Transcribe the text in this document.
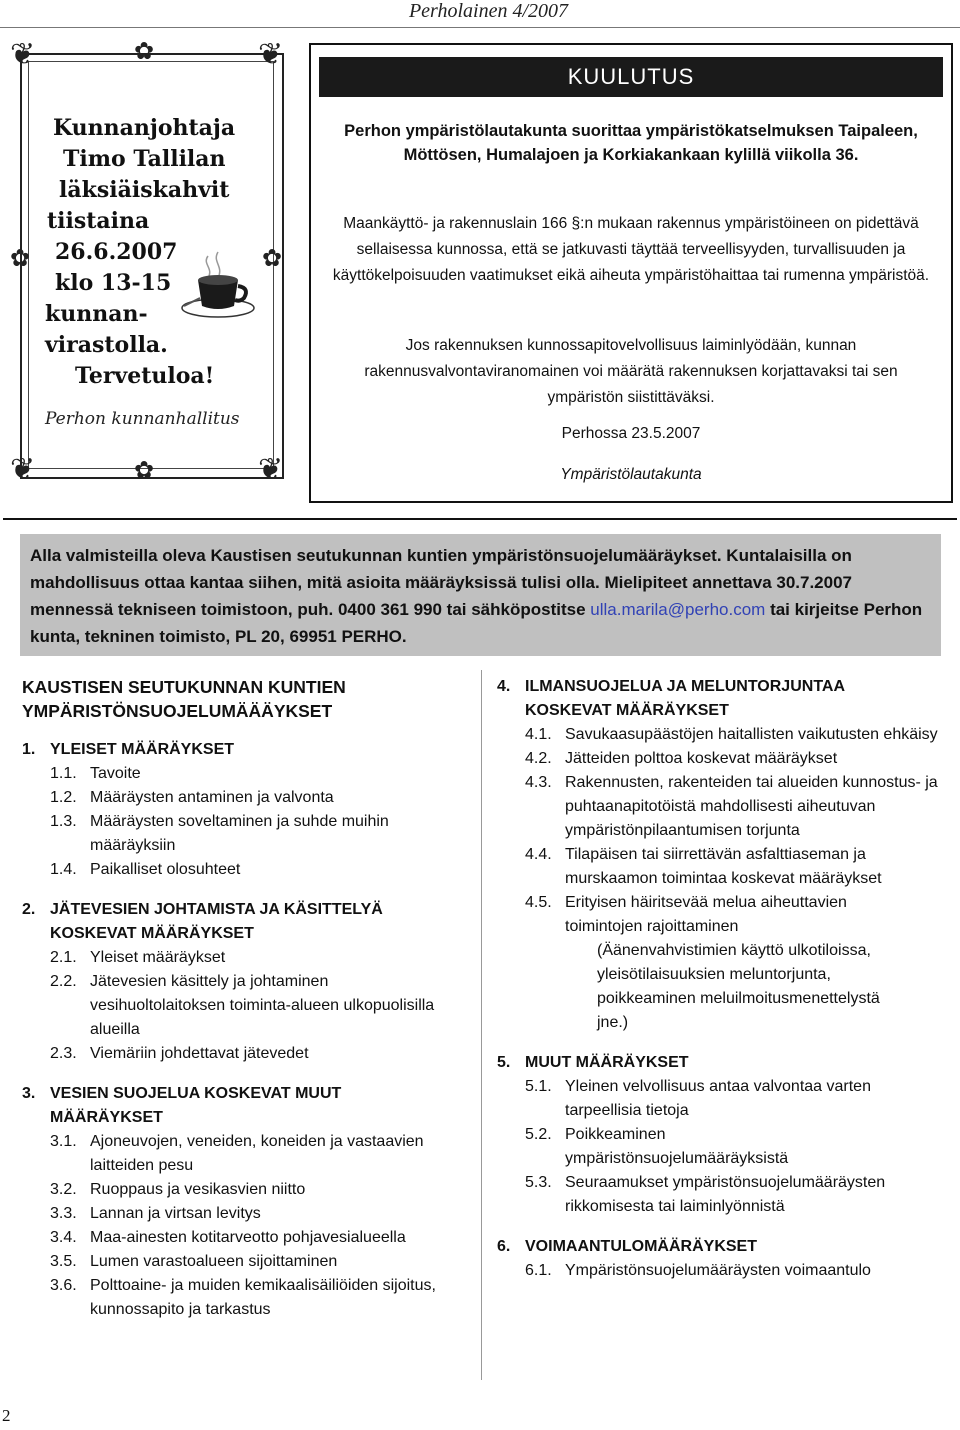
Perholainen 4/2007
❦	❦
❦	❦
✿
✿
✿	✿
Kunnanjohtaja
Timo Tallilan
läksiäiskahvit
tiistaina
26.6.2007
klo 13-15
kunnan-
virastolla.
Tervetuloa!
Perhon kunnanhallitus
KUULUTUS
Perhon ympäristölautakunta suorittaa ympäristökatselmuksen Taipaleen, Möttösen, Humalajoen ja Korkiakankaan kylillä viikolla 36.
Maankäyttö- ja rakennuslain 166 §:n mukaan rakennus ympäristöineen on pidettävä sellaisessa kunnossa, että se jatkuvasti täyttää terveellisyyden, turvallisuuden ja käyttökelpoisuuden vaatimukset eikä aiheuta ympäristöhaittaa tai rumenna ympäristöä.
Jos rakennuksen kunnossapitovelvollisuus laiminlyödään, kunnan rakennusvalvontaviranomainen voi määrätä rakennuksen korjattavaksi tai sen ympäristön siistittäväksi.
Perhossa 23.5.2007
Ympäristölautakunta
Alla valmisteilla oleva Kaustisen seutukunnan kuntien ympäristönsuojelumääräykset. Kuntalaisilla on mahdollisuus ottaa kantaa siihen, mitä asioita määräyksissä tulisi olla. Mielipiteet annettava 30.7.2007 mennessä tekniseen toimistoon, puh. 0400 361 990 tai sähköpostitse ulla.marila@perho.com tai kirjeitse Perhon kunta, tekninen toimisto, PL 20, 69951 PERHO.
KAUSTISEN SEUTUKUNNAN KUNTIEN YMPÄRISTÖNSUOJELUMÄÄÄYKSET
1. YLEISET MÄÄRÄYKSET
1.1. Tavoite
1.2. Määräysten antaminen ja valvonta
1.3. Määräysten soveltaminen ja suhde muihin määräyksiin
1.4. Paikalliset olosuhteet
2. JÄTEVESIEN JOHTAMISTA JA KÄSITTELYÄ KOSKEVAT MÄÄRÄYKSET
2.1. Yleiset määräykset
2.2. Jätevesien käsittely ja johtaminen vesihuoltolaitoksen toiminta-alueen ulkopuolisilla alueilla
2.3. Viemäriin johdettavat jätevedet
3. VESIEN SUOJELUA KOSKEVAT MUUT MÄÄRÄYKSET
3.1. Ajoneuvojen, veneiden, koneiden ja vastaavien laitteiden pesu
3.2. Ruoppaus ja vesikasvien niitto
3.3. Lannan ja virtsan levitys
3.4. Maa-ainesten kotitarveotto pohjavesialueella
3.5. Lumen varastoalueen sijoittaminen
3.6. Polttoaine- ja muiden kemikaalisäiliöiden sijoitus, kunnossapito ja tarkastus
4. ILMANSUOJELUA JA MELUNTORJUNTAA KOSKEVAT MÄÄRÄYKSET
4.1. Savukaasupäästöjen haitallisten vaikutusten ehkäisy
4.2. Jätteiden polttoa koskevat määräykset
4.3. Rakennusten, rakenteiden tai alueiden kunnostus- ja puhtaanapitotöistä mahdollisesti aiheutuvan ympäristönpilaantumisen torjunta
4.4. Tilapäisen tai siirrettävän asfalttiaseman ja murskaamon toimintaa koskevat määräykset
4.5. Erityisen häiritsevää melua aiheuttavien toimintojen rajoittaminen
(Äänenvahvistimien käyttö ulkotiloissa, yleisötilaisuuksien meluntorjunta, poikkeaminen meluilmoitusmenettelystä jne.)
5. MUUT MÄÄRÄYKSET
5.1. Yleinen velvollisuus antaa valvontaa varten tarpeellisia tietoja
5.2. Poikkeaminen ympäristönsuojelumääräyksistä
5.3. Seuraamukset ympäristönsuojelumääräysten rikkomisesta tai laiminlyönnistä
6. VOIMAANTULOMÄÄRÄYKSET
6.1. Ympäristönsuojelumääräysten voimaantulo
2
